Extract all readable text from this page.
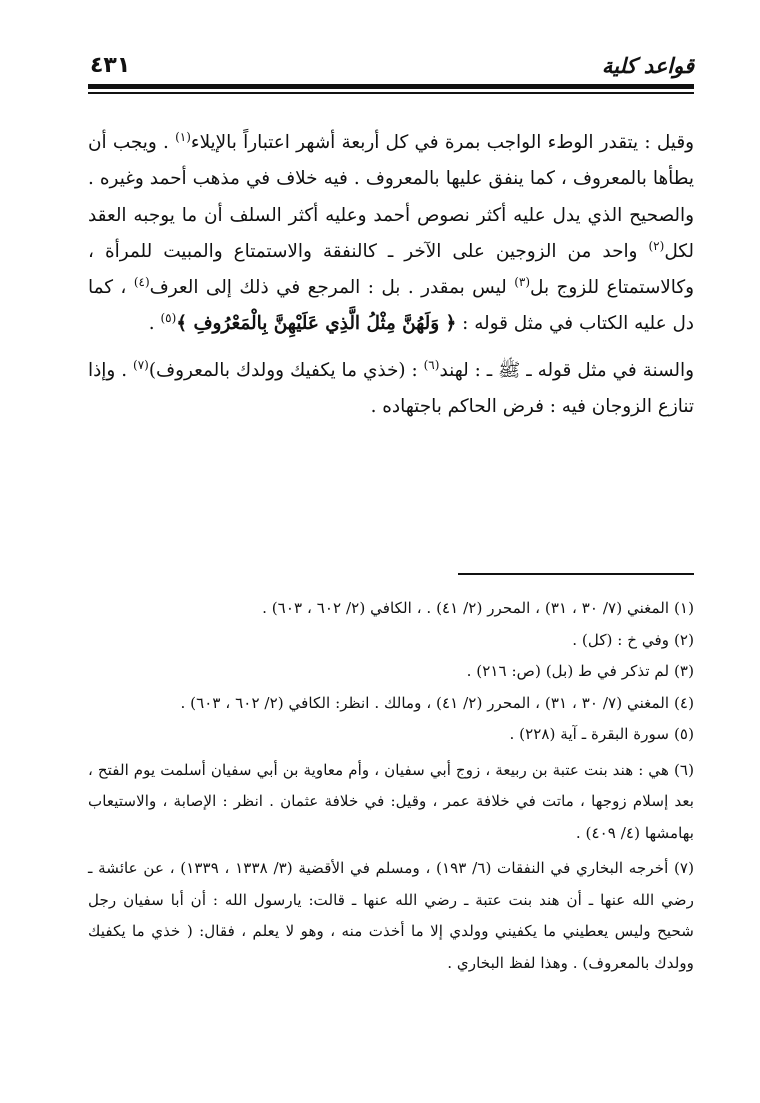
قواعد كلية
٤٣١

وقيل : يتقدر الوطء الواجب بمرة في كل أربعة أشهر اعتباراً بالإيلاء$^{(١)}$ . ويجب أن يطأها بالمعروف ، كما ينفق عليها بالمعروف . فيه خلاف في مذهب أحمد وغيره . والصحيح الذي يدل عليه أكثر نصوص أحمد وعليه أكثر السلف أن ما يوجبه العقد لكل$^{(٢)}$ واحد من الزوجين على الآخر ـ كالنفقة والاستمتاع والمبيت للمرأة ، وكالاستمتاع للزوج بل$^{(٣)}$ ليس بمقدر . بل : المرجع في ذلك إلى العرف$^{(٤)}$ ، كما دل عليه الكتاب في مثل قوله : ﴿ وَلَهُنَّ مِثْلُ الَّذِي عَلَيْهِنَّ بِالْمَعْرُوفِ ﴾$^{(٥)}$ .

والسنة في مثل قوله ـ ﷺ ـ : لهند$^{(٦)}$ : (خذي ما يكفيك وولدك بالمعروف)$^{(٧)}$ . وإذا تنازع الزوجان فيه : فرض الحاكم باجتهاده .

(١) المغني (٧/ ٣٠ ، ٣١) ، المحرر (٢/ ٤١) . ، الكافي (٢/ ٦٠٢ ، ٦٠٣) .

(٢) وفي خ : (كل) .

(٣) لم تذكر في ط (بل) (ص: ٢١٦) .

(٤) المغني (٧/ ٣٠ ، ٣١) ، المحرر (٢/ ٤١) ، ومالك . انظر: الكافي (٢/ ٦٠٢ ، ٦٠٣) .

(٥) سورة البقرة ـ آية (٢٢٨) .

(٦) هي : هند بنت عتبة بن ربيعة ، زوج أبي سفيان ، وأم معاوية بن أبي سفيان أسلمت يوم الفتح ، بعد إسلام زوجها ، ماتت في خلافة عمر ، وقيل: في خلافة عثمان . انظر : الإصابة ، والاستيعاب بهامشها (٤/ ٤٠٩) .

(٧) أخرجه البخاري في النفقات (٦/ ١٩٣) ، ومسلم في الأقضية (٣/ ١٣٣٨ ، ١٣٣٩) ، عن عائشة ـ رضي الله عنها ـ أن هند بنت عتبة ـ رضي الله عنها ـ قالت: يارسول الله : أن أبا سفيان رجل شحيح وليس يعطيني ما يكفيني وولدي إلا ما أخذت منه ، وهو لا يعلم ، فقال: ( خذي ما يكفيك وولدك بالمعروف) . وهذا لفظ البخاري .
